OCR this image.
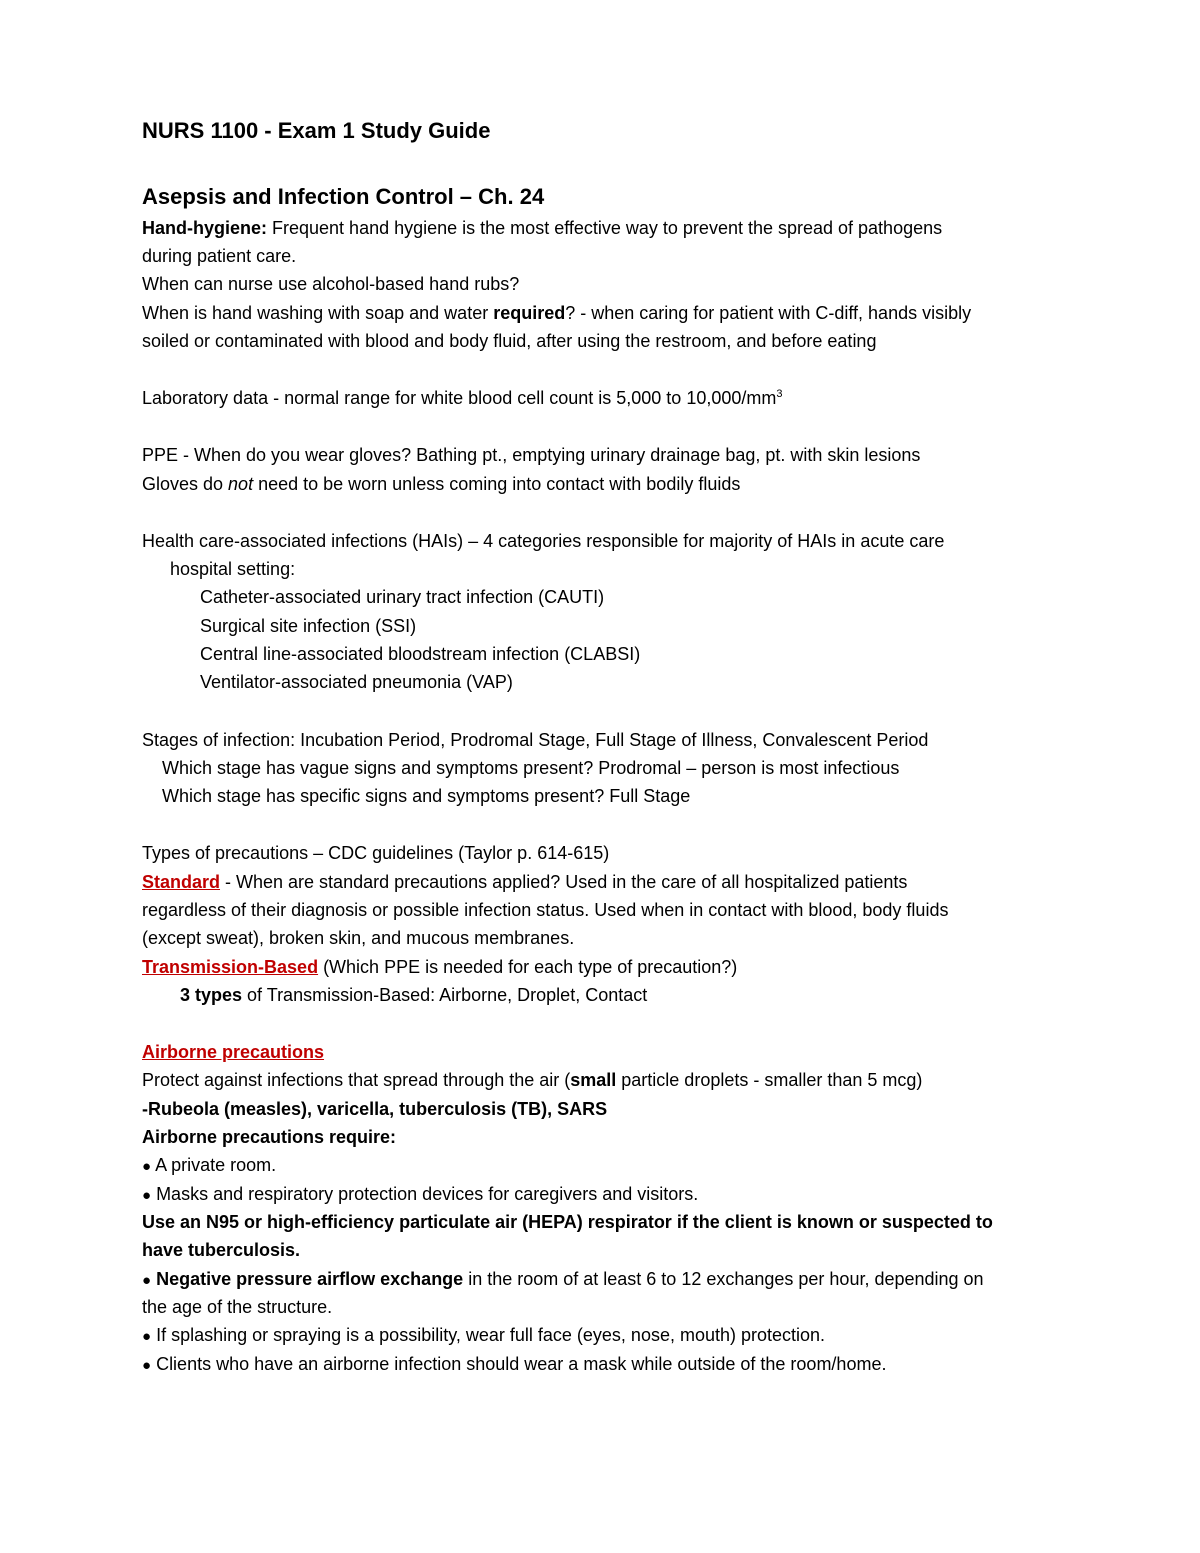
NURS 1100 - Exam 1 Study Guide
Asepsis and Infection Control – Ch. 24
Hand-hygiene: Frequent hand hygiene is the most effective way to prevent the spread of pathogens
during patient care.
When can nurse use alcohol-based hand rubs?
When is hand washing with soap and water required? - when caring for patient with C-diff, hands visibly
soiled or contaminated with blood and body fluid, after using the restroom, and before eating
Laboratory data - normal range for white blood cell count is 5,000 to $10,000/mm^3$
PPE - When do you wear gloves? Bathing pt., emptying urinary drainage bag, pt. with skin lesions
Gloves do not need to be worn unless coming into contact with bodily fluids
Health care-associated infections (HAIs) – 4 categories responsible for majority of HAIs in acute care
hospital setting:
Catheter-associated urinary tract infection (CAUTI)
Surgical site infection (SSI)
Central line-associated bloodstream infection (CLABSI)
Ventilator-associated pneumonia (VAP)
Stages of infection: Incubation Period, Prodromal Stage, Full Stage of Illness, Convalescent Period
Which stage has vague signs and symptoms present? Prodromal – person is most infectious
Which stage has specific signs and symptoms present? Full Stage
Types of precautions – CDC guidelines (Taylor p. 614-615)
Standard - When are standard precautions applied? Used in the care of all hospitalized patients
regardless of their diagnosis or possible infection status. Used when in contact with blood, body fluids
(except sweat), broken skin, and mucous membranes.
Transmission-Based (Which PPE is needed for each type of precaution?)
3 types of Transmission-Based: Airborne, Droplet, Contact
Airborne precautions
Protect against infections that spread through the air (small particle droplets - smaller than 5 mcg)
-Rubeola (measles), varicella, tuberculosis (TB), SARS
Airborne precautions require:
● A private room.
● Masks and respiratory protection devices for caregivers and visitors.
Use an N95 or high-efficiency particulate air (HEPA) respirator if the client is known or suspected to
have tuberculosis.
● Negative pressure airflow exchange in the room of at least 6 to 12 exchanges per hour, depending on
the age of the structure.
● If splashing or spraying is a possibility, wear full face (eyes, nose, mouth) protection.
● Clients who have an airborne infection should wear a mask while outside of the room/home.
